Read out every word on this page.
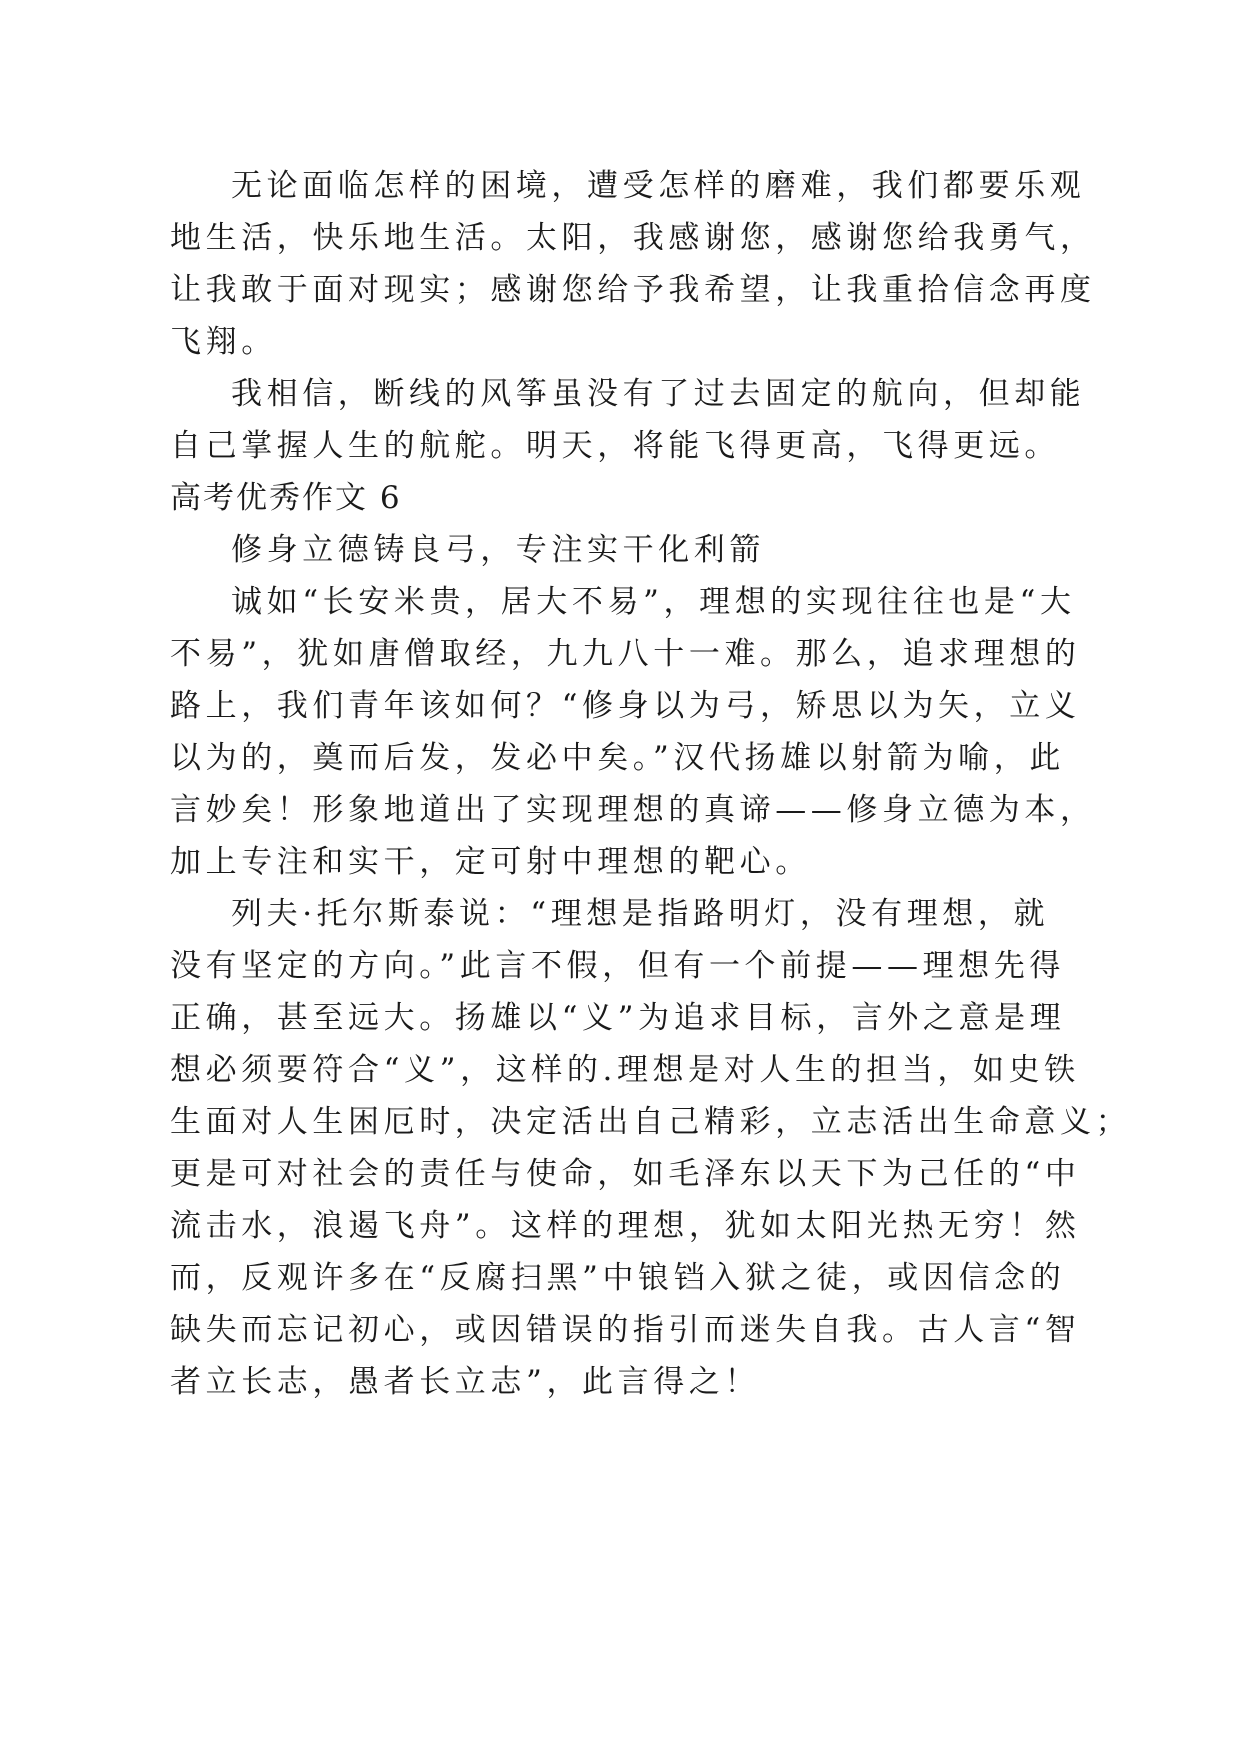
无论面临怎样的困境，遭受怎样的磨难，我们都要乐观
地生活，快乐地生活。太阳，我感谢您，感谢您给我勇气，
让我敢于面对现实；感谢您给予我希望，让我重拾信念再度
飞翔。
我相信，断线的风筝虽没有了过去固定的航向，但却能
自己掌握人生的航舵。明天，将能飞得更高，飞得更远。
高考优秀作文 6
修身立德铸良弓，专注实干化利箭
诚如“长安米贵，居大不易”，理想的实现往往也是“大
不易”，犹如唐僧取经，九九八十一难。那么，追求理想的
路上，我们青年该如何？“修身以为弓，矫思以为矢，立义
以为的，奠而后发，发必中矣。”汉代扬雄以射箭为喻，此
言妙矣！形象地道出了实现理想的真谛——修身立德为本，
加上专注和实干，定可射中理想的靶心。
列夫·托尔斯泰说：“理想是指路明灯，没有理想，就
没有坚定的方向。”此言不假，但有一个前提——理想先得
正确，甚至远大。扬雄以“义”为追求目标，言外之意是理
想必须要符合“义”，这样的.理想是对人生的担当，如史铁
生面对人生困厄时，决定活出自己精彩，立志活出生命意义；
更是可对社会的责任与使命，如毛泽东以天下为己任的“中
流击水，浪遏飞舟”。这样的理想，犹如太阳光热无穷！然
而，反观许多在“反腐扫黑”中锒铛入狱之徒，或因信念的
缺失而忘记初心，或因错误的指引而迷失自我。古人言“智
者立长志，愚者长立志”，此言得之！
